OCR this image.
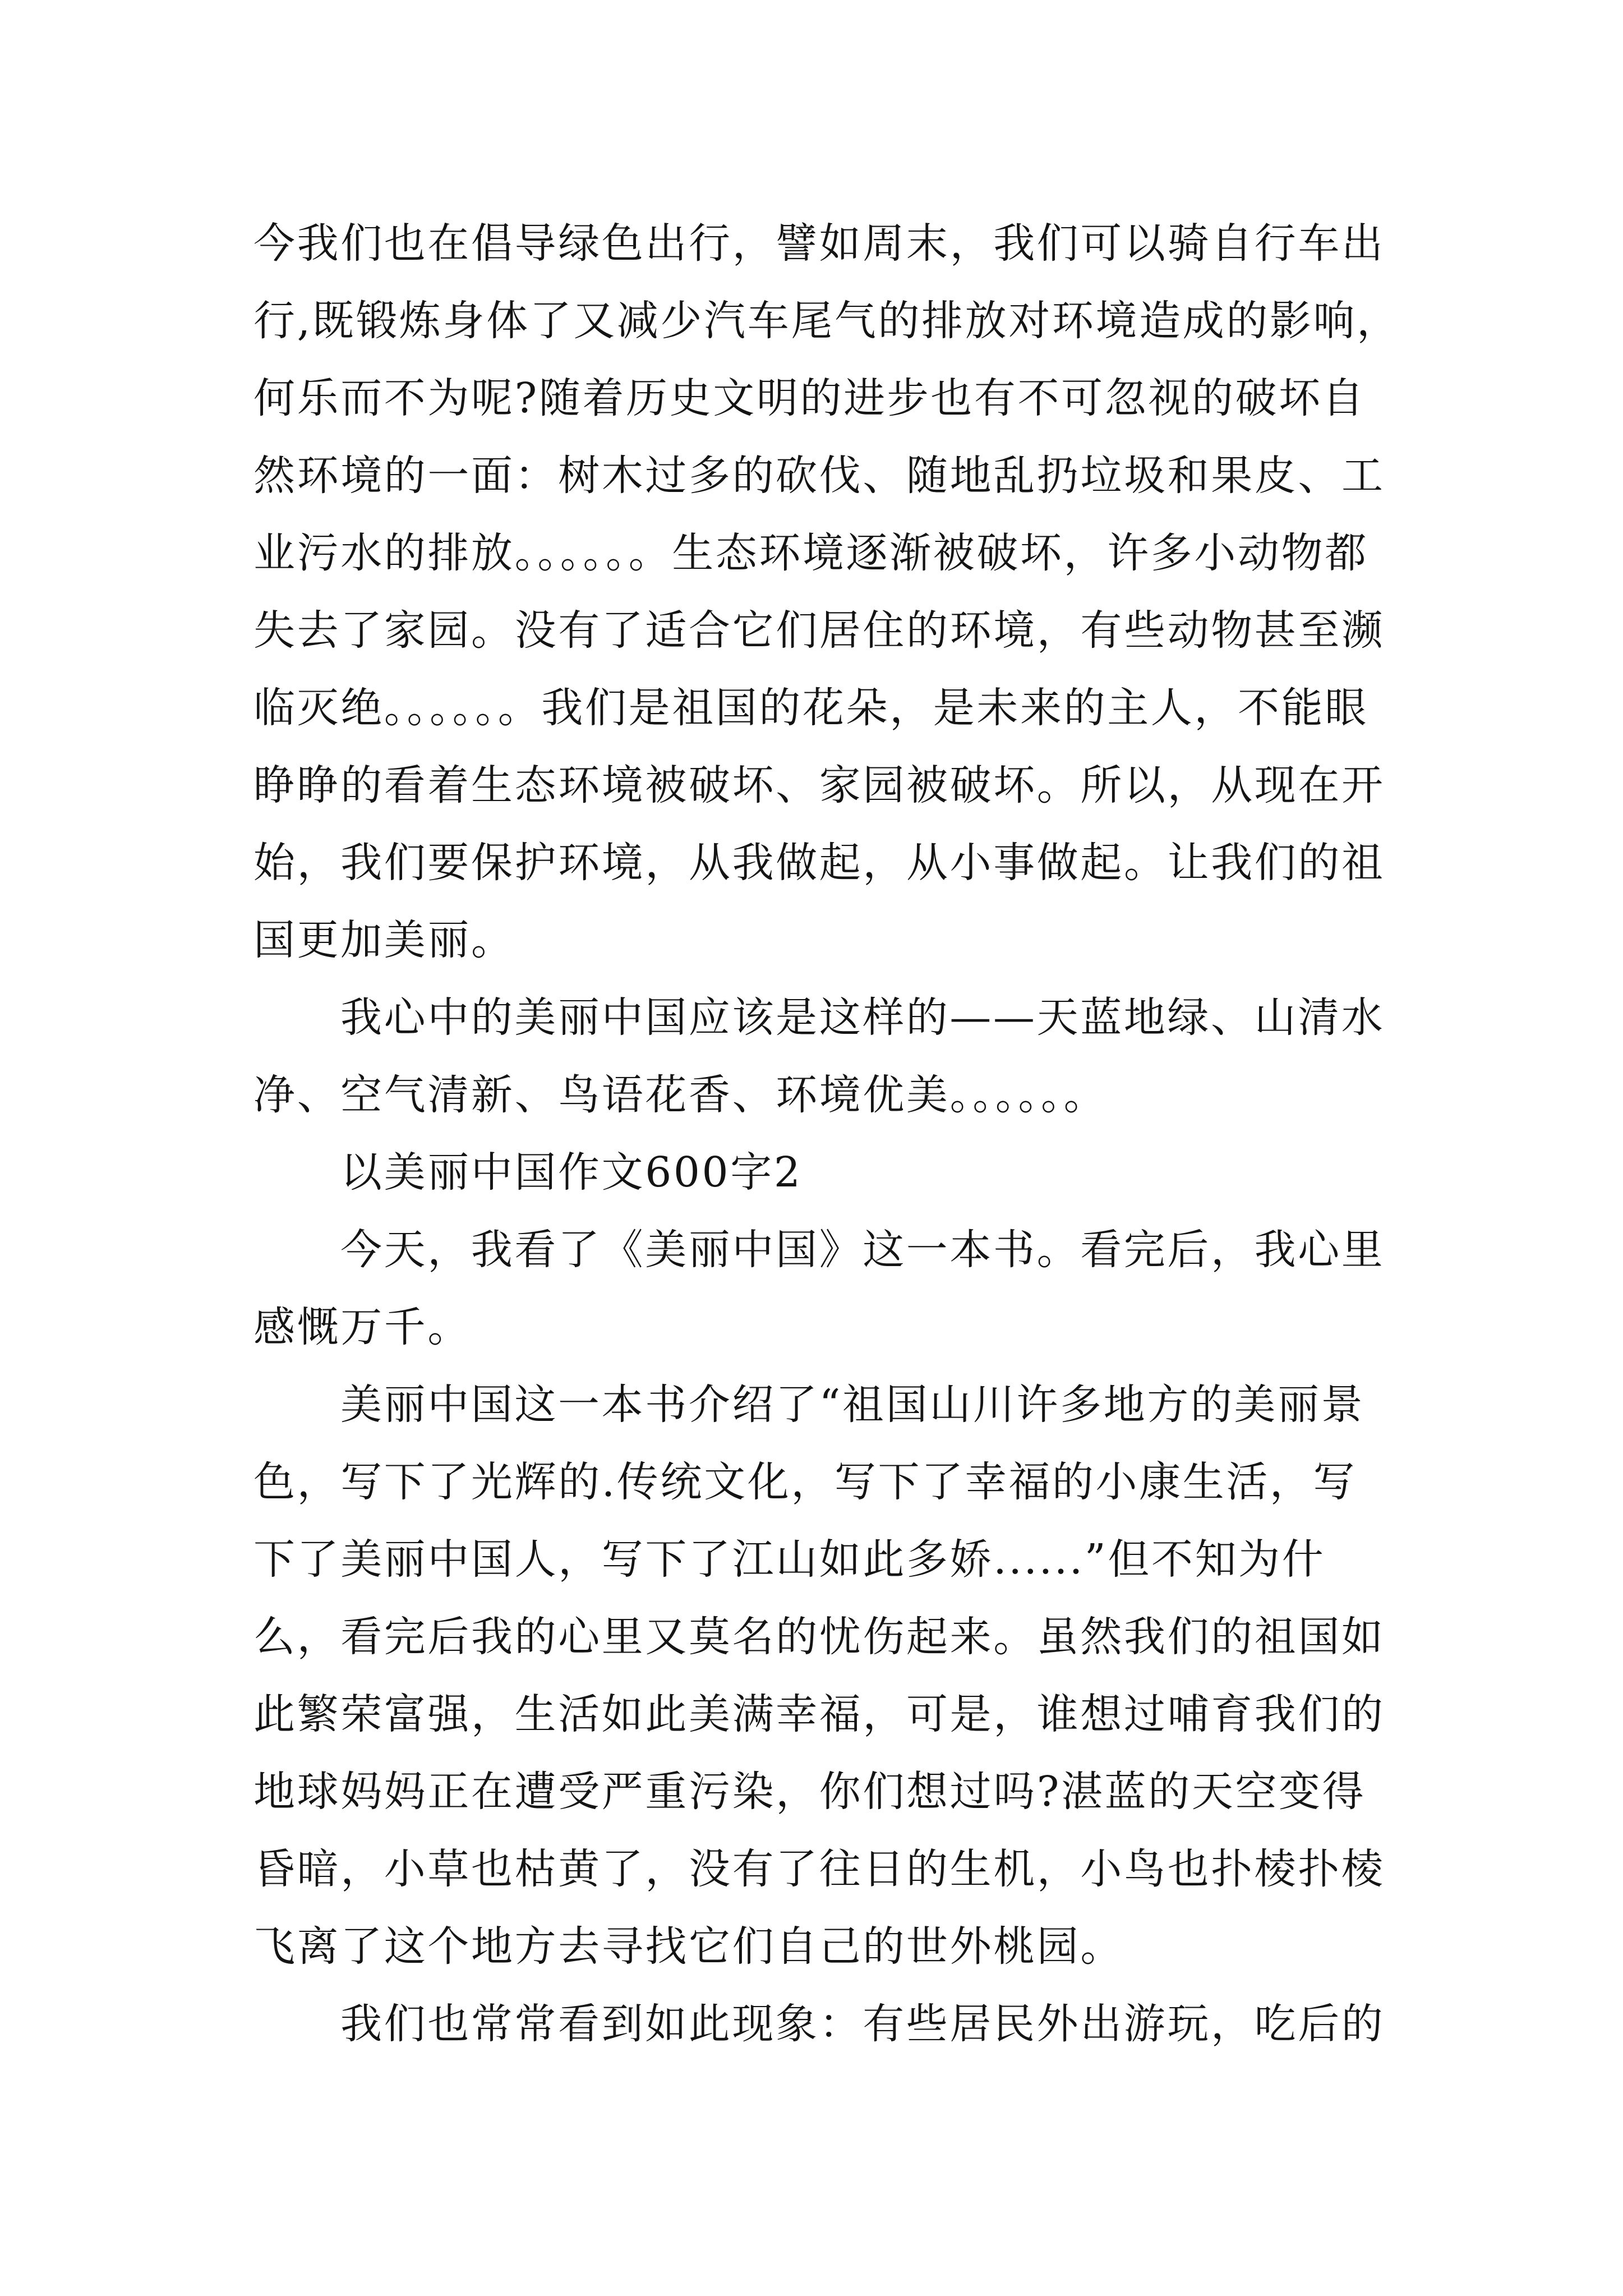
今我们也在倡导绿色出行，譬如周末，我们可以骑自行车出
行,既锻炼身体了又减少汽车尾气的排放对环境造成的影响，
何乐而不为呢?随着历史文明的进步也有不可忽视的破坏自
然环境的一面：树木过多的砍伐、随地乱扔垃圾和果皮、工
业污水的排放。。。。。。生态环境逐渐被破坏，许多小动物都
失去了家园。没有了适合它们居住的环境，有些动物甚至濒
临灭绝。。。。。。我们是祖国的花朵，是未来的主人，不能眼
睁睁的看着生态环境被破坏、家园被破坏。所以，从现在开
始，我们要保护环境，从我做起，从小事做起。让我们的祖
国更加美丽。
我心中的美丽中国应该是这样的——天蓝地绿、山清水
净、空气清新、鸟语花香、环境优美。。。。。。
以美丽中国作文600字2
今天，我看了《美丽中国》这一本书。看完后，我心里
感慨万千。
美丽中国这一本书介绍了“祖国山川许多地方的美丽景
色，写下了光辉的.传统文化，写下了幸福的小康生活，写
下了美丽中国人，写下了江山如此多娇......”但不知为什
么，看完后我的心里又莫名的忧伤起来。虽然我们的祖国如
此繁荣富强，生活如此美满幸福，可是，谁想过哺育我们的
地球妈妈正在遭受严重污染，你们想过吗?湛蓝的天空变得
昏暗，小草也枯黄了，没有了往日的生机，小鸟也扑棱扑棱
飞离了这个地方去寻找它们自己的世外桃园。
我们也常常看到如此现象：有些居民外出游玩，吃后的
